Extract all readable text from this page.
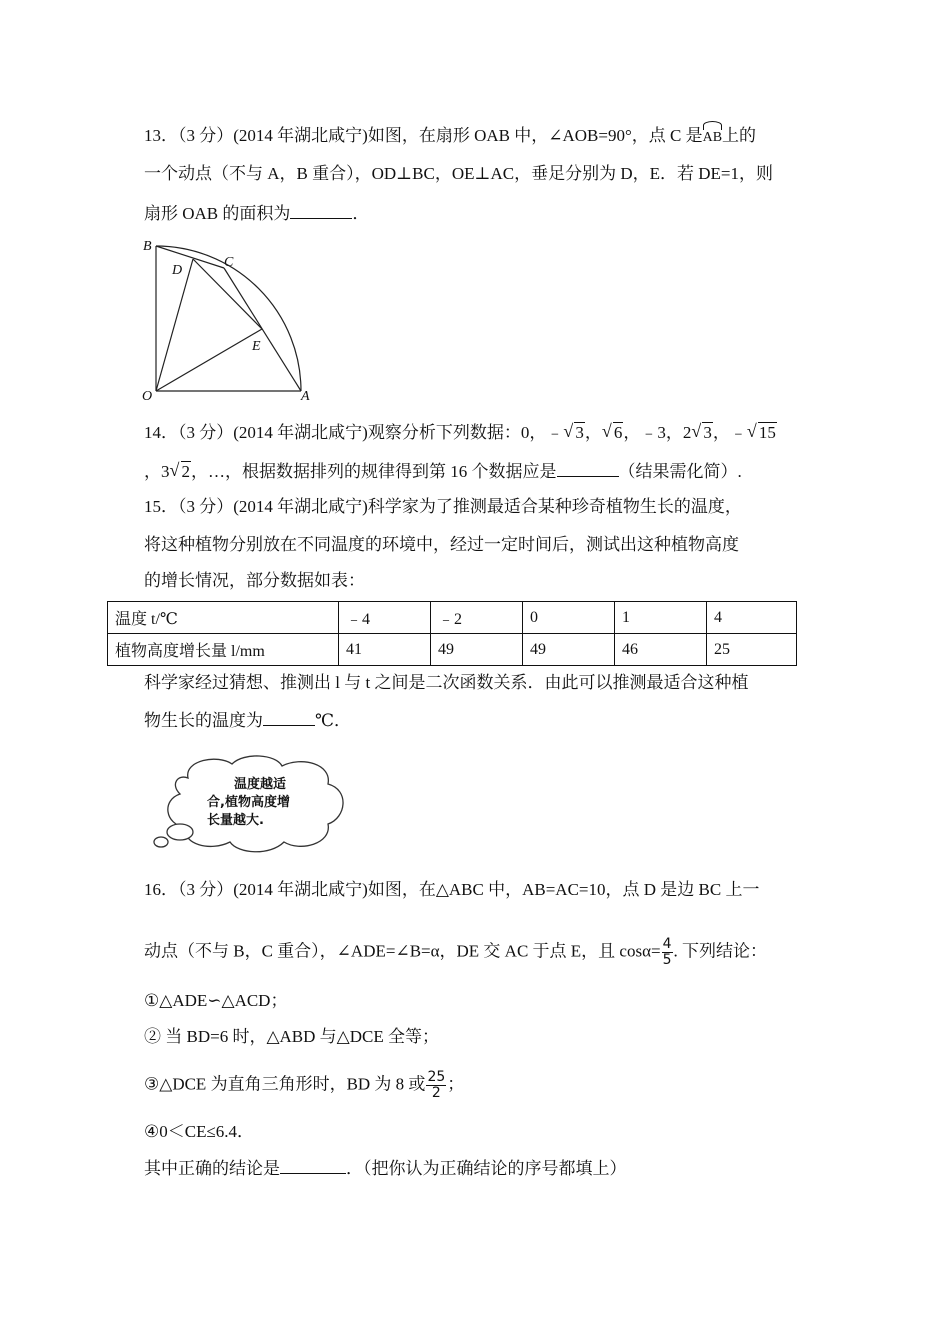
13．（3 分）(2014 年湖北咸宁)如图，在扇形 OAB 中，∠AOB=90°，点 C 是AB上的
一个动点（不与 A，B 重合），OD⊥BC，OE⊥AC，垂足分别为 D，E．若 DE=1，则
扇形 OAB 的面积为	．
B
D
C
E
O	A
14．（3 分）(2014 年湖北咸宁)观察分析下列数据：0，﹣ √ 3， √ 6，﹣3，2 √ 3，﹣ √ 15
，3 √ 2，…，根据数据排列的规律得到第 16 个数据应是	（结果需化简）.
15．（3 分）(2014 年湖北咸宁)科学家为了推测最适合某种珍奇植物生长的温度，
将这种植物分别放在不同温度的环境中，经过一定时间后，测试出这种植物高度
的增长情况，部分数据如表：
温度 t/℃	﹣4	﹣2	0	1	4
植物高度增长量 l/mm	41	49	49	46	25
科学家经过猜想、推测出 l 与 t 之间是二次函数关系．由此可以推测最适合这种植
物生长的温度为	℃．
温度越适
合,植物高度增
长量越大.
16．（3 分）(2014 年湖北咸宁)如图，在△ABC 中，AB=AC=10，点 D 是边 BC 上一
动点（不与 B，C 重合），∠ADE=∠B=α，DE 交 AC 于点 E，且 $\cos\alpha= \frac{4}{5}$ . 下列结论：
①△ADE∽△ACD；
② 当 BD=6 时，△ABD 与△DCE 全等；
③△DCE 为直角三角形时，BD 为 8 或 $\frac{25}{2}$ ；
④0＜CE≤6.4．
其中正确的结论是	．（把你认为正确结论的序号都填上）
